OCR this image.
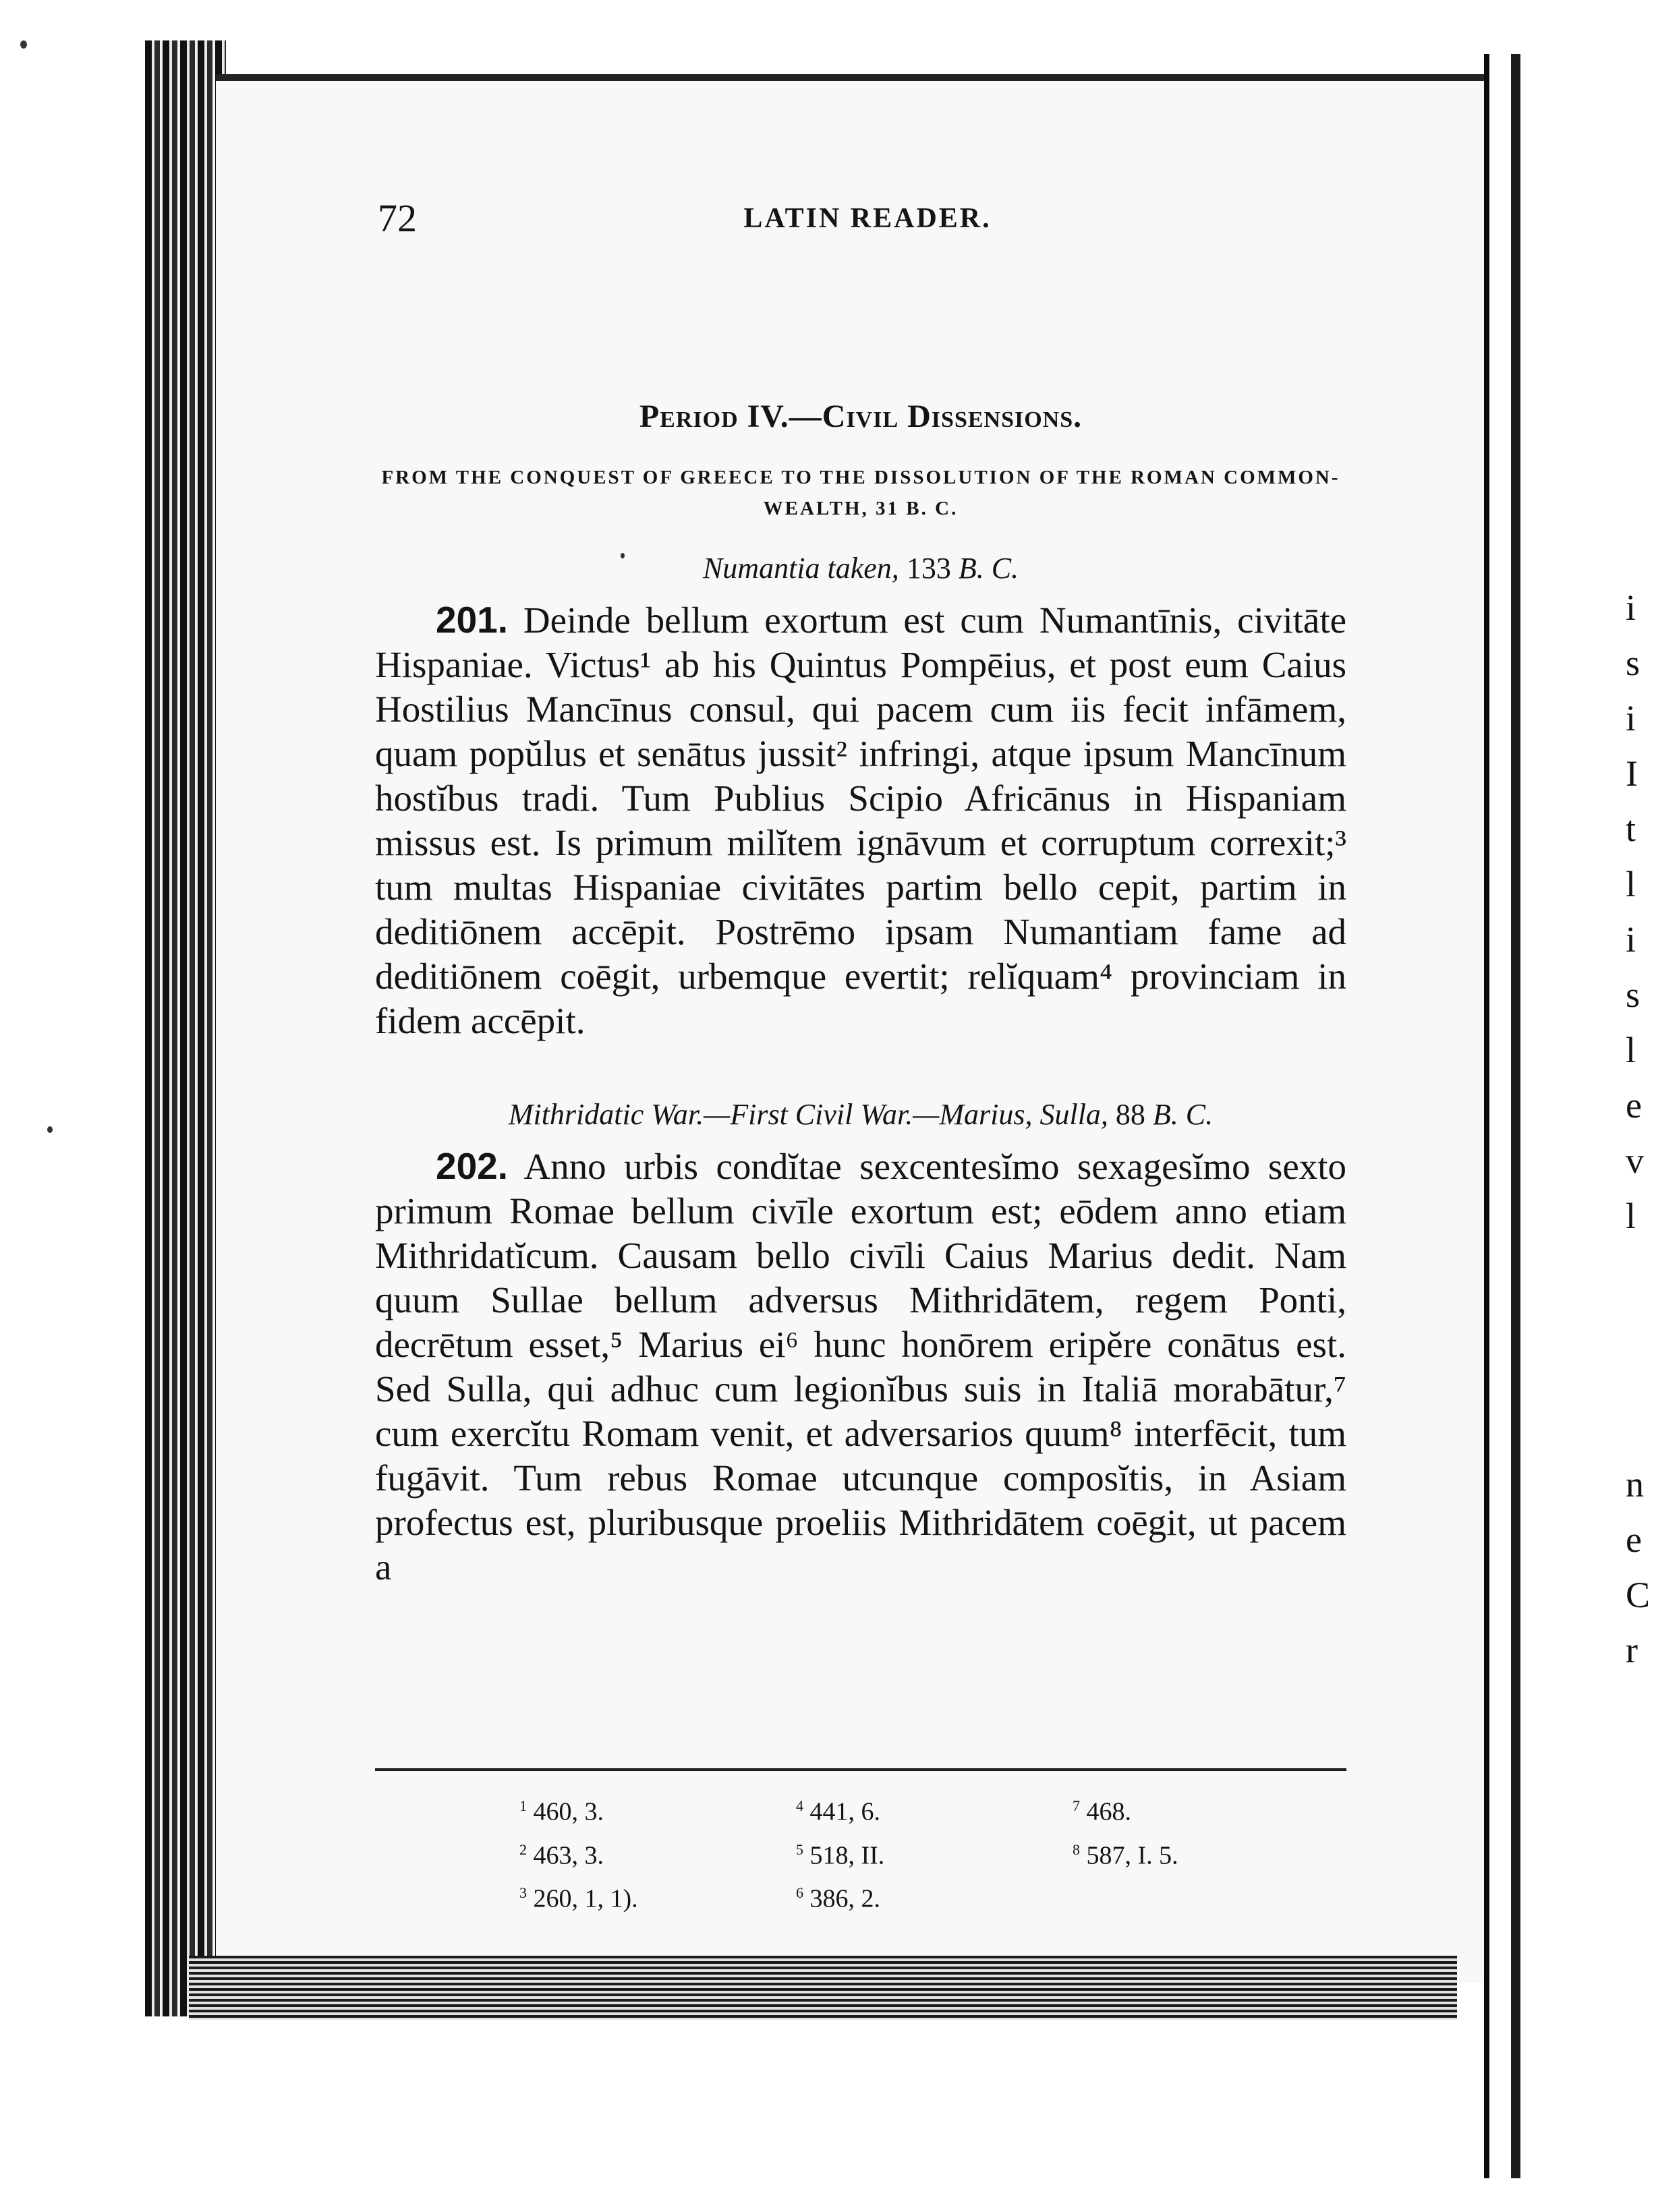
i
s
i
I
t
l
i
s
l
e
v
l
n
e
C
r
72	LATIN READER.
Period IV.—Civil Dissensions.
FROM THE CONQUEST OF GREECE TO THE DISSOLUTION OF THE ROMAN COMMON-WEALTH, 31 B. C.
Numantia taken, 133 B. C.
201. Deinde bellum exortum est cum Numantīnis, civitāte Hispaniae. Victus¹ ab his Quintus Pompēius, et post eum Caius Hostilius Mancīnus consul, qui pacem cum iis fecit infāmem, quam popŭlus et senātus jussit² infringi, atque ipsum Mancīnum hostĭbus tradi. Tum Publius Scipio Africānus in Hispaniam missus est. Is primum milĭtem ignāvum et corruptum correxit;³ tum multas Hispaniae civitātes partim bello cepit, partim in deditiōnem accēpit. Postrēmo ipsam Numantiam fame ad deditiōnem coēgit, urbemque evertit; relĭquam⁴ provinciam in fidem accēpit.
Mithridatic War.—First Civil War.—Marius, Sulla, 88 B. C.
202. Anno urbis condĭtae sexcentesĭmo sexagesĭmo sexto primum Romae bellum civīle exortum est; eōdem anno etiam Mithridatĭcum. Causam bello civīli Caius Marius dedit. Nam quum Sullae bellum adversus Mithridātem, regem Ponti, decrētum esset,⁵ Marius ei⁶ hunc honōrem eripĕre conātus est. Sed Sulla, qui adhuc cum legionĭbus suis in Italiā morabātur,⁷ cum exercĭtu Romam venit, et adversarios quum⁸ interfēcit, tum fugāvit. Tum rebus Romae utcunque composĭtis, in Asiam profectus est, pluribusque proeliis Mithridātem coēgit, ut pacem a
$^1$ 460, 3.	$^4$ 441, 6.	$^7$ 468.
$^2$ 463, 3.	$^5$ 518, II.	$^8$ 587, I. 5.
$^3$ 260, 1, 1).	$^6$ 386, 2.
